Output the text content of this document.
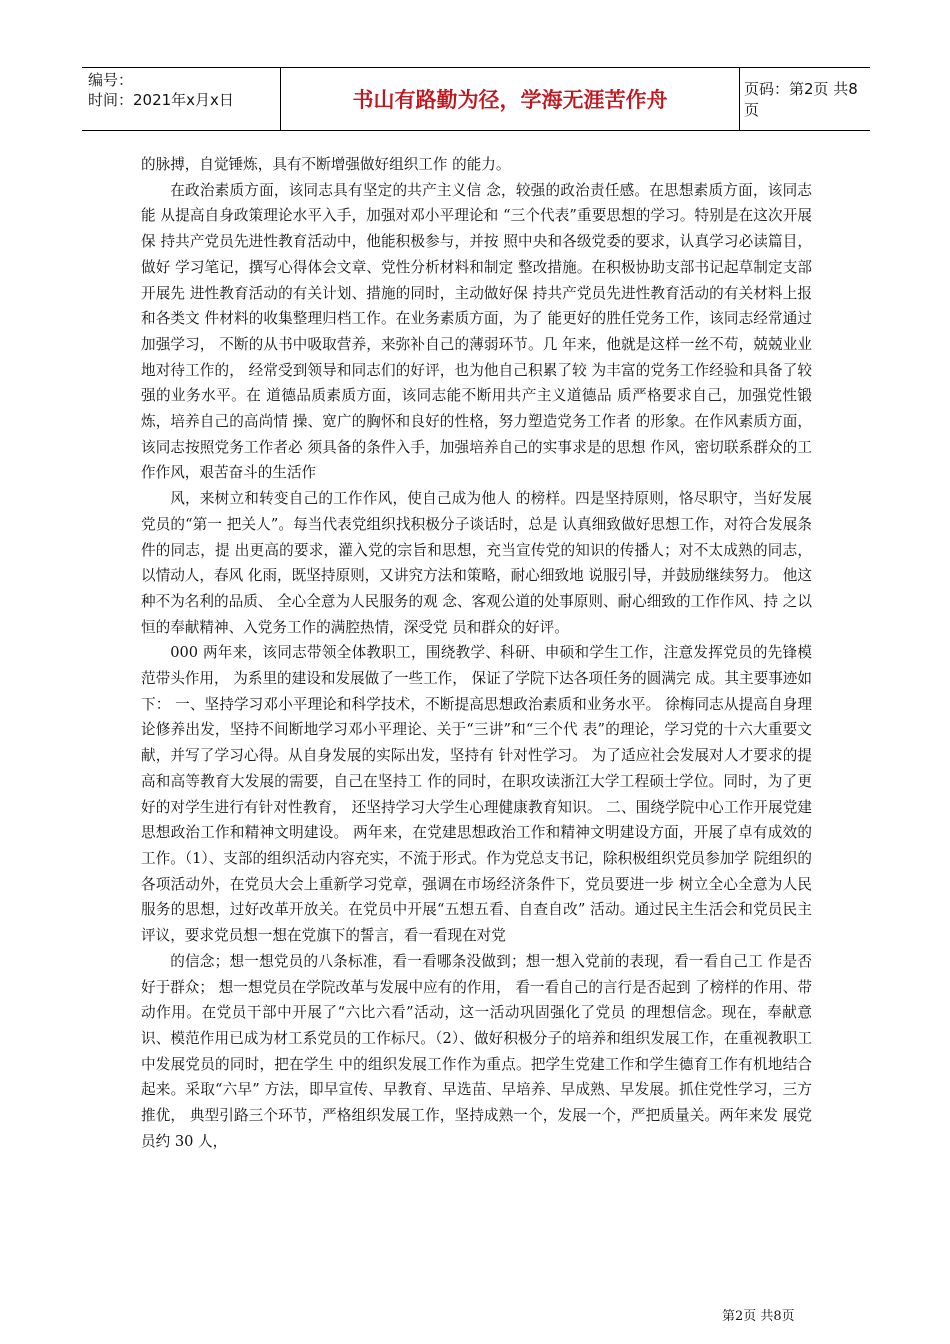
编号：
时间：2021年x月x日	书山有路勤为径，学海无涯苦作舟	页码：第2页 共8页

的脉搏，自觉锤炼，具有不断增强做好组织工作 的能力。

在政治素质方面，该同志具有坚定的共产主义信 念，较强的政治责任感。在思想素质方面，该同志能 从提高自身政策理论水平入手，加强对邓小平理论和 “三个代表”重要思想的学习。特别是在这次开展保 持共产党员先进性教育活动中，他能积极参与，并按 照中央和各级党委的要求，认真学习必读篇目，做好 学习笔记，撰写心得体会文章、党性分析材料和制定 整改措施。在积极协助支部书记起草制定支部开展先 进性教育活动的有关计划、措施的同时，主动做好保 持共产党员先进性教育活动的有关材料上报和各类文 件材料的收集整理归档工作。在业务素质方面，为了 能更好的胜任党务工作，该同志经常通过加强学习， 不断的从书中吸取营养，来弥补自己的薄弱环节。几 年来，他就是这样一丝不苟，兢兢业业地对待工作的， 经常受到领导和同志们的好评，也为他自己积累了较 为丰富的党务工作经验和具备了较强的业务水平。在 道德品质素质方面，该同志能不断用共产主义道德品 质严格要求自己，加强党性锻炼，培养自己的高尚情 操、宽广的胸怀和良好的性格，努力塑造党务工作者 的形象。在作风素质方面，该同志按照党务工作者必 须具备的条件入手，加强培养自己的实事求是的思想 作风，密切联系群众的工作作风，艰苦奋斗的生活作

风，来树立和转变自己的工作作风，使自己成为他人 的榜样。四是坚持原则，恪尽职守，当好发展党员的“第一 把关人”。每当代表党组织找积极分子谈话时，总是 认真细致做好思想工作，对符合发展条件的同志，提 出更高的要求，灌入党的宗旨和思想，充当宣传党的知识的传播人；对不太成熟的同志，以情动人，春风 化雨，既坚持原则，又讲究方法和策略，耐心细致地 说服引导，并鼓励继续努力。 他这种不为名利的品质、 全心全意为人民服务的观 念、客观公道的处事原则、耐心细致的工作作风、持 之以恒的奉献精神、入党务工作的满腔热情，深受党 员和群众的好评。

000 两年来，该同志带领全体教职工，围绕教学、科研、申硕和学生工作，注意发挥党员的先锋模范带头作用， 为系里的建设和发展做了一些工作， 保证了学院下达各项任务的圆满完 成。其主要事迹如下： 一、坚持学习邓小平理论和科学技术，不断提高思想政治素质和业务水平。 徐梅同志从提高自身理论修养出发，坚持不间断地学习邓小平理论、关于“三讲”和“三个代 表”的理论，学习党的十六大重要文献，并写了学习心得。从自身发展的实际出发，坚持有 针对性学习。 为了适应社会发展对人才要求的提高和高等教育大发展的需要，自己在坚持工 作的同时，在职攻读浙江大学工程硕士学位。同时，为了更好的对学生进行有针对性教育， 还坚持学习大学生心理健康教育知识。 二、围绕学院中心工作开展党建思想政治工作和精神文明建设。 两年来，在党建思想政治工作和精神文明建设方面，开展了卓有成效的工作。（1）、支部的组织活动内容充实，不流于形式。作为党总支书记，除积极组织党员参加学 院组织的各项活动外，在党员大会上重新学习党章，强调在市场经济条件下，党员要进一步 树立全心全意为人民服务的思想，过好改革开放关。在党员中开展“五想五看、自查自改” 活动。通过民主生活会和党员民主评议，要求党员想一想在党旗下的誓言，看一看现在对党

的信念；想一想党员的八条标准，看一看哪条没做到；想一想入党前的表现，看一看自己工 作是否好于群众； 想一想党员在学院改革与发展中应有的作用， 看一看自己的言行是否起到 了榜样的作用、带动作用。在党员干部中开展了“六比六看”活动，这一活动巩固强化了党员 的理想信念。现在，奉献意识、模范作用已成为材工系党员的工作标尺。（2）、做好积极分子的培养和组织发展工作，在重视教职工中发展党员的同时，把在学生 中的组织发展工作作为重点。把学生党建工作和学生德育工作有机地结合起来。采取“六早” 方法，即早宣传、早教育、早选苗、早培养、早成熟、早发展。抓住党性学习，三方推优， 典型引路三个环节，严格组织发展工作，坚持成熟一个，发展一个，严把质量关。两年来发 展党员约 30 人，

第2页 共8页
